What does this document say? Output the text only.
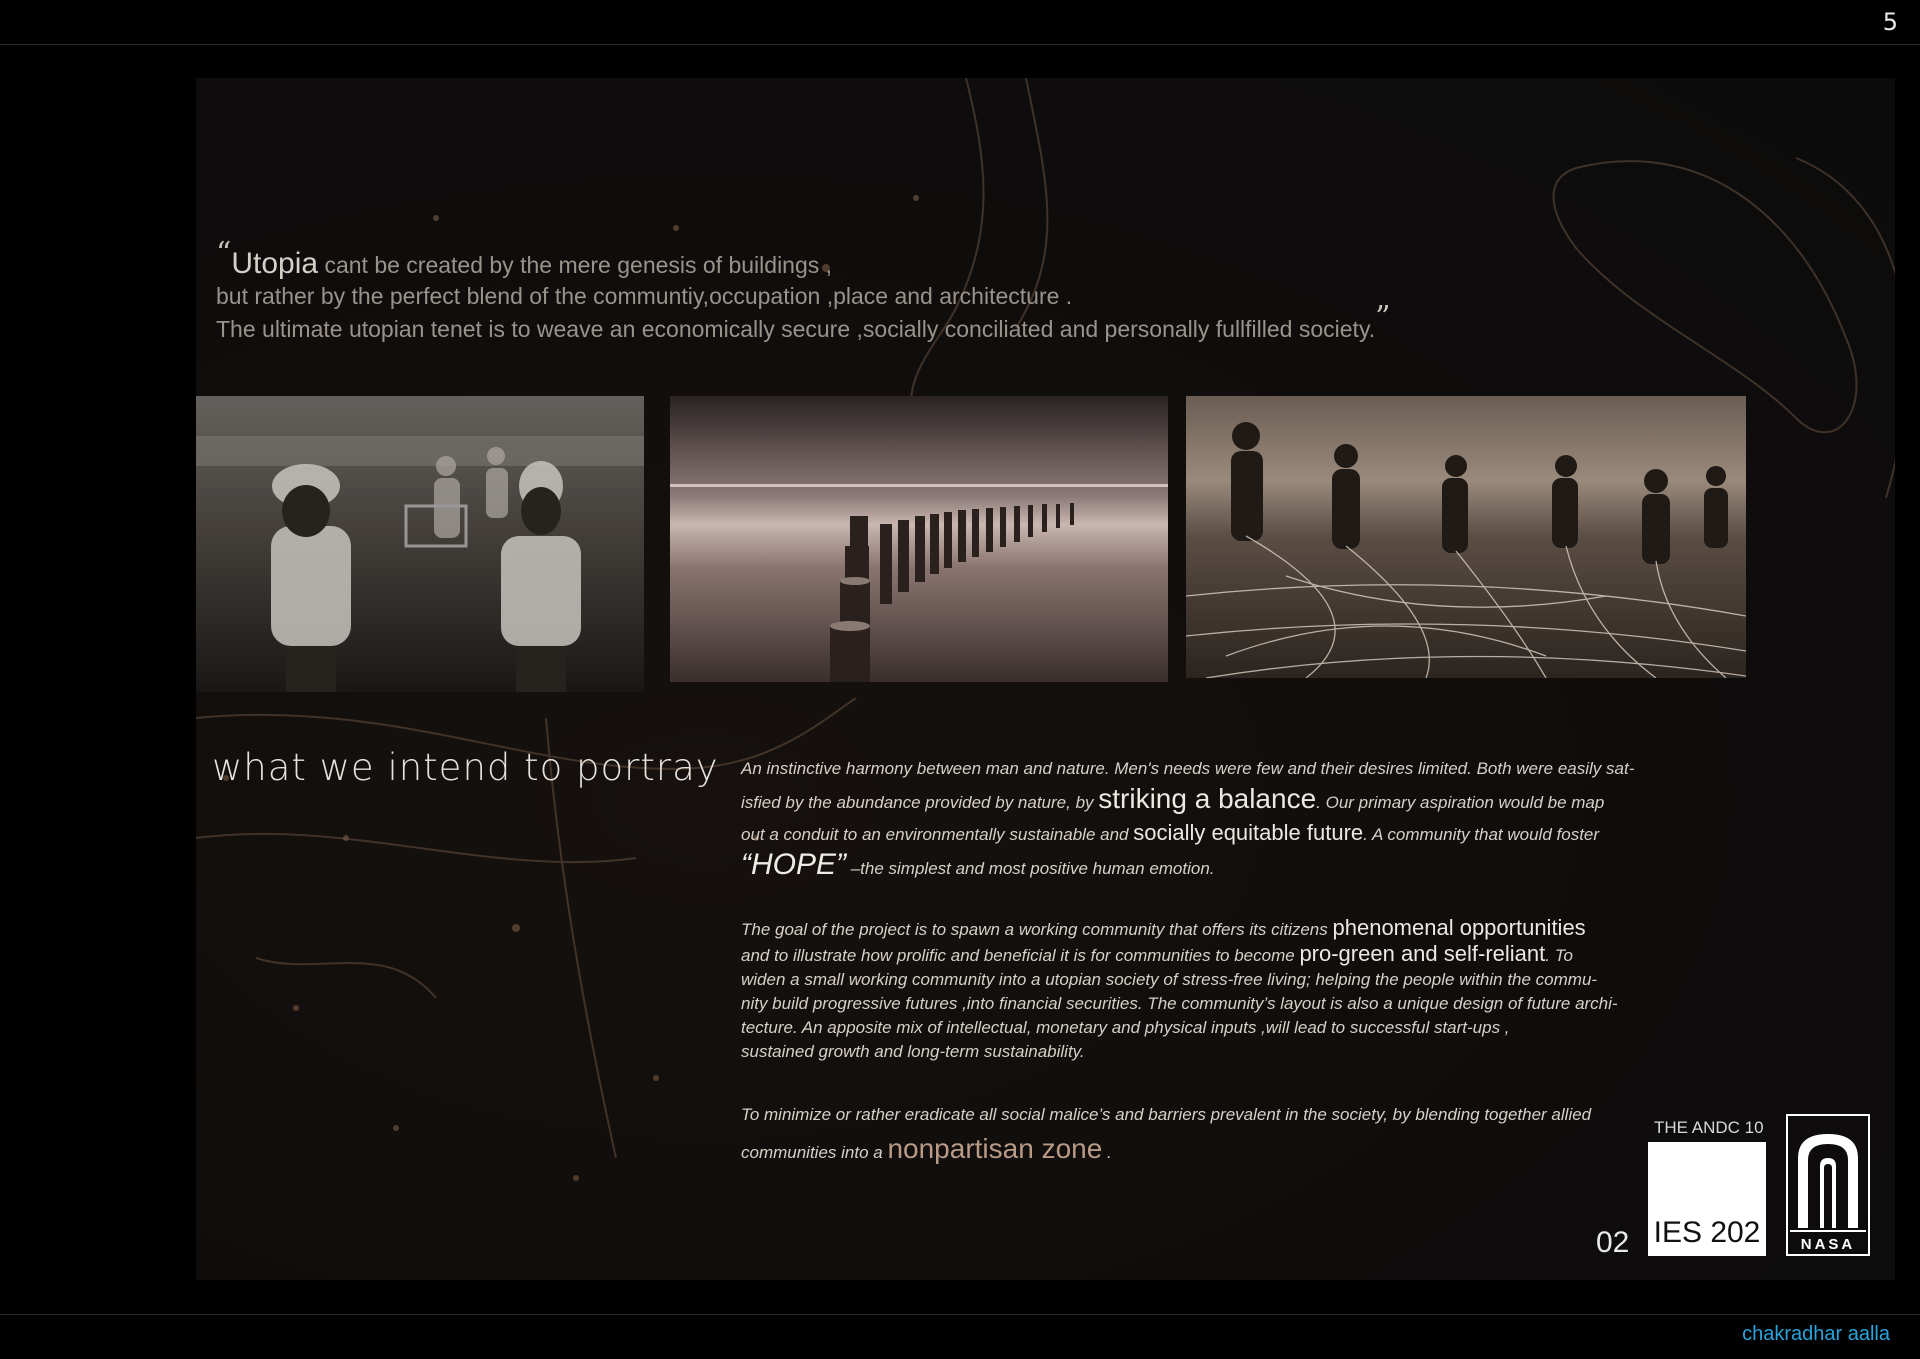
5
“Utopia cant be created by the mere genesis of buildings ,
but rather by the perfect blend of the communtiy,occupation ,place and architecture .
The ultimate utopian tenet is to weave an economically secure ,socially conciliated and personally fullfilled society.”
what we intend to portray An instinctive harmony between man and nature. Men's needs were few and their desires limited. Both were easily sat-
isfied by the abundance provided by nature, by striking a balance. Our primary aspiration would be map
out a conduit to an environmentally sustainable and socially equitable future. A community that would foster
“HOPE” –the simplest and most positive human emotion.
The goal of the project is to spawn a working community that offers its citizens phenomenal opportunities
and to illustrate how prolific and beneficial it is for communities to become pro-green and self-reliant. To
widen a small working community into a utopian society of stress-free living; helping the people within the commu-
nity build progressive futures ,into financial securities. The community’s layout is also a unique design of future archi-
tecture. An apposite mix of intellectual, monetary and physical inputs ,will lead to successful start-ups ,
sustained growth and long-term sustainability.
To minimize or rather eradicate all social malice’s and barriers prevalent in the society, by blending together allied
communities into a nonpartisan zone .
THE ANDC 10
02 IES 202	NASA
chakradhar aalla
